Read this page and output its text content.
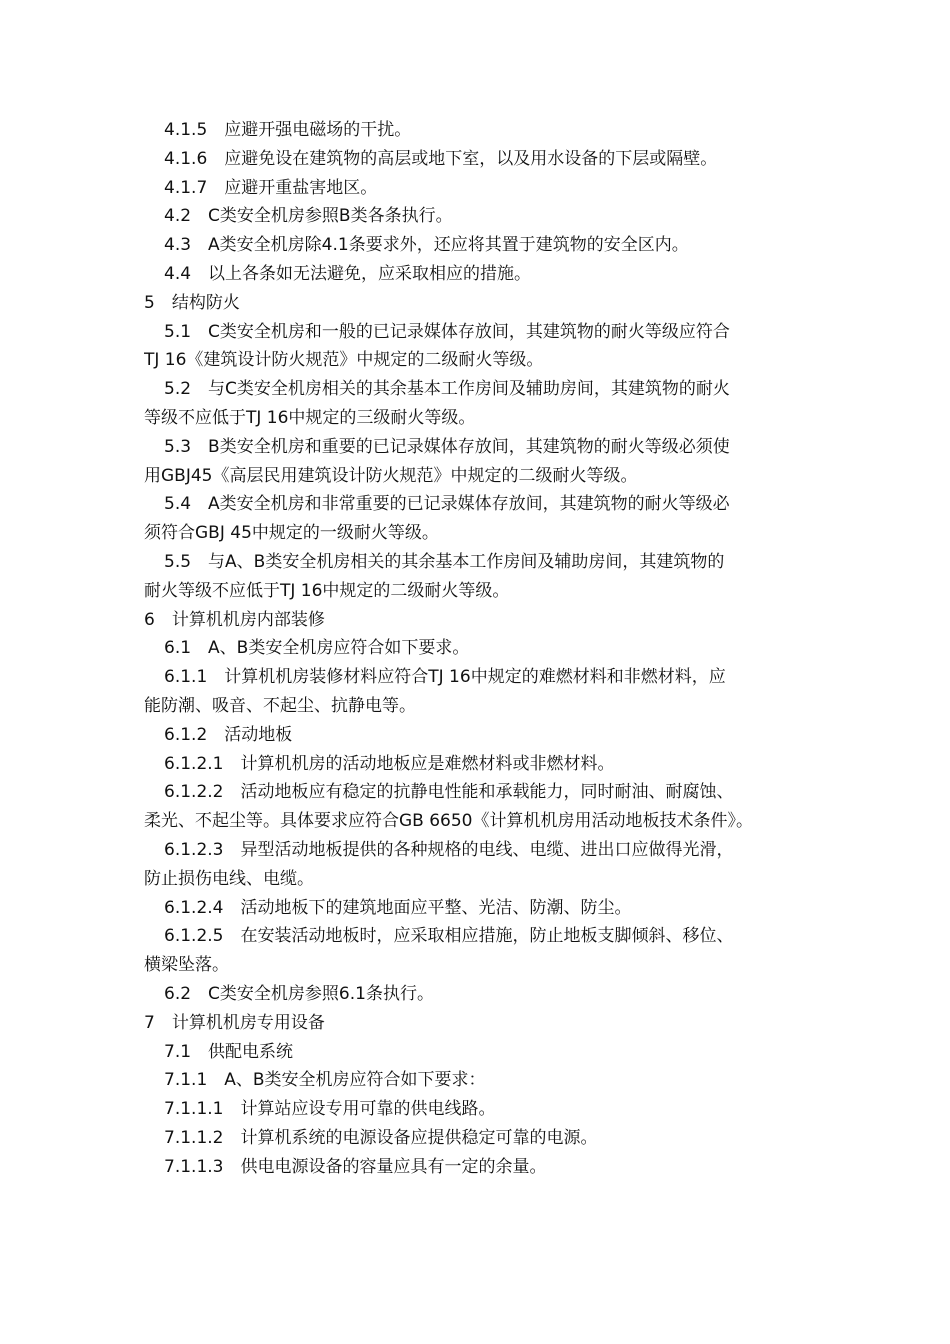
4.1.5　应避开强电磁场的干扰。
4.1.6　应避免设在建筑物的高层或地下室，以及用水设备的下层或隔壁。
4.1.7　应避开重盐害地区。
4.2　C类安全机房参照B类各条执行。
4.3　A类安全机房除4.1条要求外，还应将其置于建筑物的安全区内。
4.4　以上各条如无法避免，应采取相应的措施。
5　结构防火
5.1　C类安全机房和一般的已记录媒体存放间，其建筑物的耐火等级应符合
TJ 16《建筑设计防火规范》中规定的二级耐火等级。
5.2　与C类安全机房相关的其余基本工作房间及辅助房间，其建筑物的耐火
等级不应低于TJ 16中规定的三级耐火等级。
5.3　B类安全机房和重要的已记录媒体存放间，其建筑物的耐火等级必须使
用GBJ45《高层民用建筑设计防火规范》中规定的二级耐火等级。
5.4　A类安全机房和非常重要的已记录媒体存放间，其建筑物的耐火等级必
须符合GBJ 45中规定的一级耐火等级。
5.5　与A、B类安全机房相关的其余基本工作房间及辅助房间，其建筑物的
耐火等级不应低于TJ 16中规定的二级耐火等级。
6　计算机机房内部装修
6.1　A、B类安全机房应符合如下要求。
6.1.1　计算机机房装修材料应符合TJ 16中规定的难燃材料和非燃材料，应
能防潮、吸音、不起尘、抗静电等。
6.1.2　活动地板
6.1.2.1　计算机机房的活动地板应是难燃材料或非燃材料。
6.1.2.2　活动地板应有稳定的抗静电性能和承载能力，同时耐油、耐腐蚀、
柔光、不起尘等。具体要求应符合GB 6650《计算机机房用活动地板技术条件》。
6.1.2.3　异型活动地板提供的各种规格的电线、电缆、进出口应做得光滑，
防止损伤电线、电缆。
6.1.2.4　活动地板下的建筑地面应平整、光洁、防潮、防尘。
6.1.2.5　在安装活动地板时，应采取相应措施，防止地板支脚倾斜、移位、
横梁坠落。
6.2　C类安全机房参照6.1条执行。
7　计算机机房专用设备
7.1　供配电系统
7.1.1　A、B类安全机房应符合如下要求：
7.1.1.1　计算站应设专用可靠的供电线路。
7.1.1.2　计算机系统的电源设备应提供稳定可靠的电源。
7.1.1.3　供电电源设备的容量应具有一定的余量。
